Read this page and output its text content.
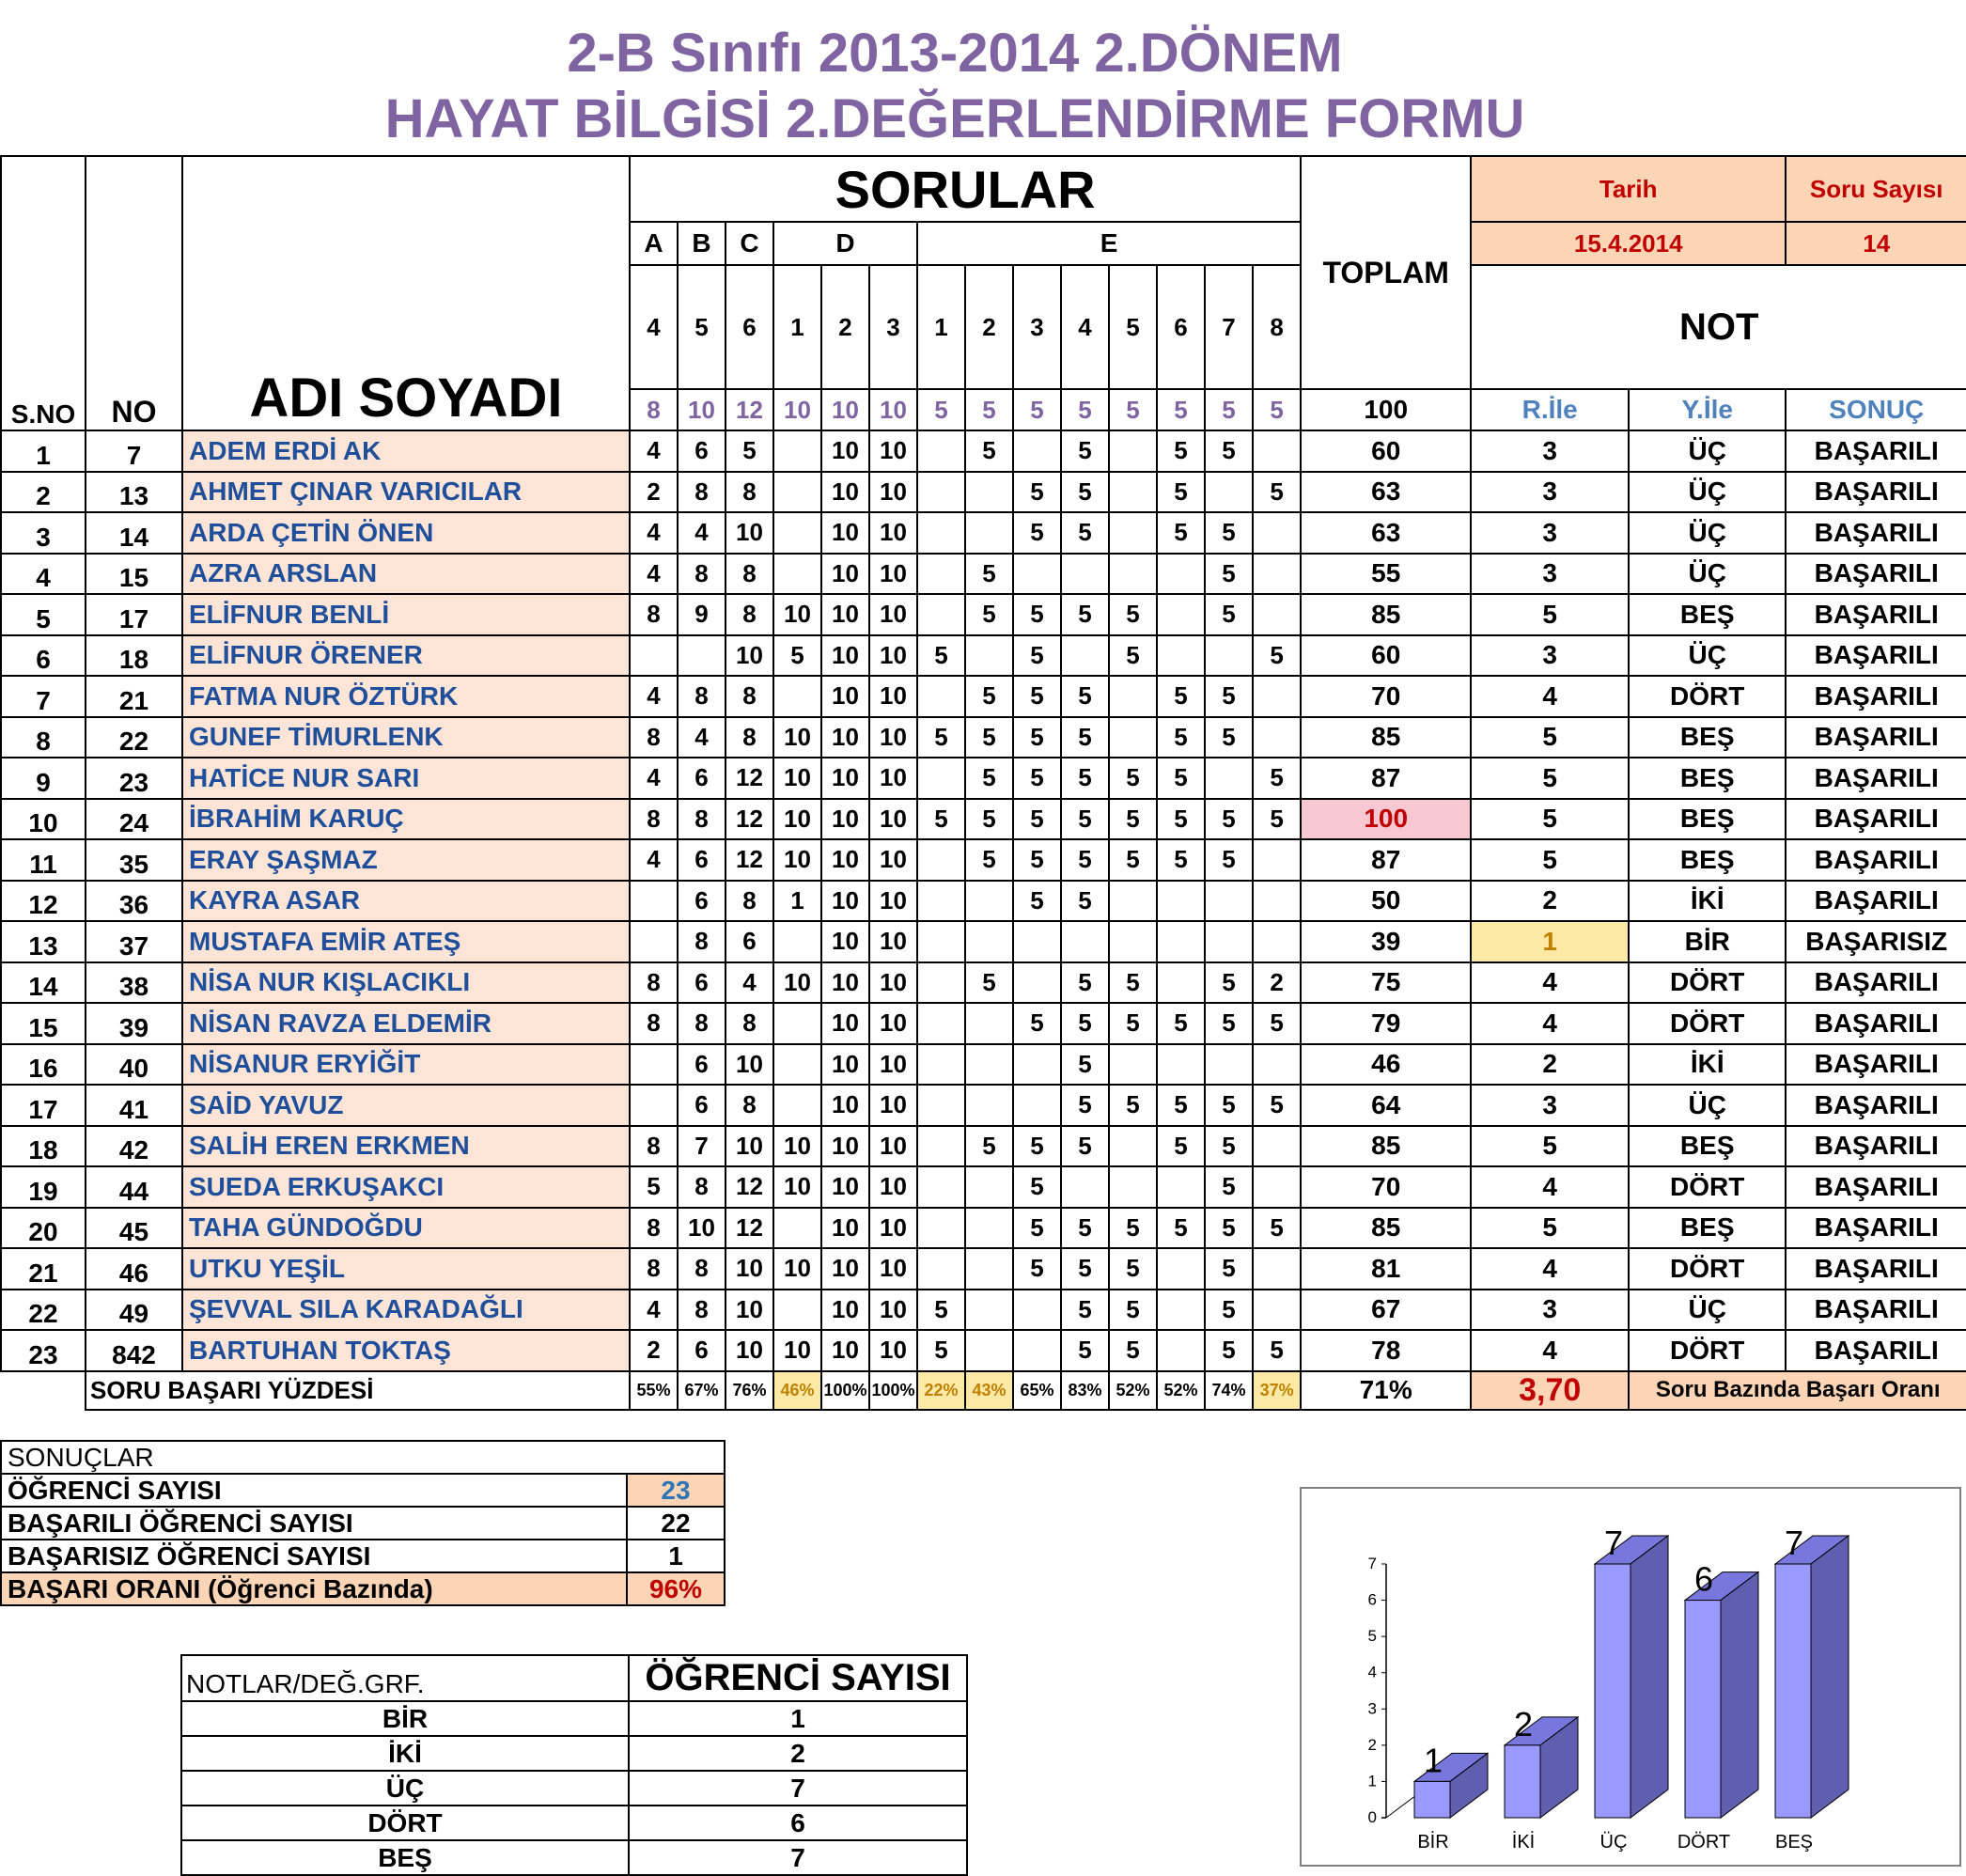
2-B Sınıfı 2013-2014 2.DÖNEM
HAYAT BİLGİSİ 2.DEĞERLENDİRME FORMU
S.NO	NO	ADI SOYADI	SORULAR														TOPLAM	Tarih		Soru Sayısı
			A	B	C	D			E									15.4.2014		14
			4	5	6	1	2	3	1	2	3	4	5	6	7	8		NOT		
			8	10	12	10	10	10	5	5	5	5	5	5	5	5	100	R.İle	Y.İle	SONUÇ
1	7	ADEM ERDİ AK	4	6	5		10	10		5		5		5	5		60	3	ÜÇ	BAŞARILI
2	13	AHMET ÇINAR VARICILAR	2	8	8		10	10			5	5		5		5	63	3	ÜÇ	BAŞARILI
3	14	ARDA ÇETİN ÖNEN	4	4	10		10	10			5	5		5	5		63	3	ÜÇ	BAŞARILI
4	15	AZRA ARSLAN	4	8	8		10	10		5					5		55	3	ÜÇ	BAŞARILI
5	17	ELİFNUR BENLİ	8	9	8	10	10	10		5	5	5	5		5		85	5	BEŞ	BAŞARILI
6	18	ELİFNUR ÖRENER			10	5	10	10	5		5		5			5	60	3	ÜÇ	BAŞARILI
7	21	FATMA NUR ÖZTÜRK	4	8	8		10	10		5	5	5		5	5		70	4	DÖRT	BAŞARILI
8	22	GUNEF TİMURLENK	8	4	8	10	10	10	5	5	5	5		5	5		85	5	BEŞ	BAŞARILI
9	23	HATİCE NUR SARI	4	6	12	10	10	10		5	5	5	5	5		5	87	5	BEŞ	BAŞARILI
10	24	İBRAHİM KARUÇ	8	8	12	10	10	10	5	5	5	5	5	5	5	5	100	5	BEŞ	BAŞARILI
11	35	ERAY ŞAŞMAZ	4	6	12	10	10	10		5	5	5	5	5	5		87	5	BEŞ	BAŞARILI
12	36	KAYRA ASAR		6	8	1	10	10			5	5					50	2	İKİ	BAŞARILI
13	37	MUSTAFA EMİR ATEŞ		8	6		10	10									39	1	BİR	BAŞARISIZ
14	38	NİSA NUR KIŞLACIKLI	8	6	4	10	10	10		5		5	5		5	2	75	4	DÖRT	BAŞARILI
15	39	NİSAN RAVZA ELDEMİR	8	8	8		10	10			5	5	5	5	5	5	79	4	DÖRT	BAŞARILI
16	40	NİSANUR ERYİĞİT		6	10		10	10				5					46	2	İKİ	BAŞARILI
17	41	SAİD YAVUZ		6	8		10	10				5	5	5	5	5	64	3	ÜÇ	BAŞARILI
18	42	SALİH EREN ERKMEN	8	7	10	10	10	10		5	5	5		5	5		85	5	BEŞ	BAŞARILI
19	44	SUEDA ERKUŞAKCI	5	8	12	10	10	10			5				5		70	4	DÖRT	BAŞARILI
20	45	TAHA GÜNDOĞDU	8	10	12		10	10			5	5	5	5	5	5	85	5	BEŞ	BAŞARILI
21	46	UTKU YEŞİL	8	8	10	10	10	10			5	5	5		5		81	4	DÖRT	BAŞARILI
22	49	ŞEVVAL SILA KARADAĞLI	4	8	10		10	10	5			5	5		5		67	3	ÜÇ	BAŞARILI
23	842	BARTUHAN TOKTAŞ	2	6	10	10	10	10	5			5	5		5	5	78	4	DÖRT	BAŞARILI
	SORU BAŞARI YÜZDESİ		55%	67%	76%	46%	100%	100%	22%	43%	65%	83%	52%	52%	74%	37%	71%	3,70	Soru Bazında Başarı Oranı	
SONUÇLAR	
ÖĞRENCİ SAYISI	23
BAŞARILI ÖĞRENCİ SAYISI	22
BAŞARISIZ ÖĞRENCİ SAYISI	1
BAŞARI ORANI (Öğrenci Bazında)	96%
NOTLAR/DEĞ.GRF.	ÖĞRENCİ SAYISI
BİR	1
İKİ	2
ÜÇ	7
DÖRT	6
BEŞ	7
0
1
2
3
4
5
6
7
1
BİR
2
İKİ
7
ÜÇ
6
DÖRT
7
BEŞ
